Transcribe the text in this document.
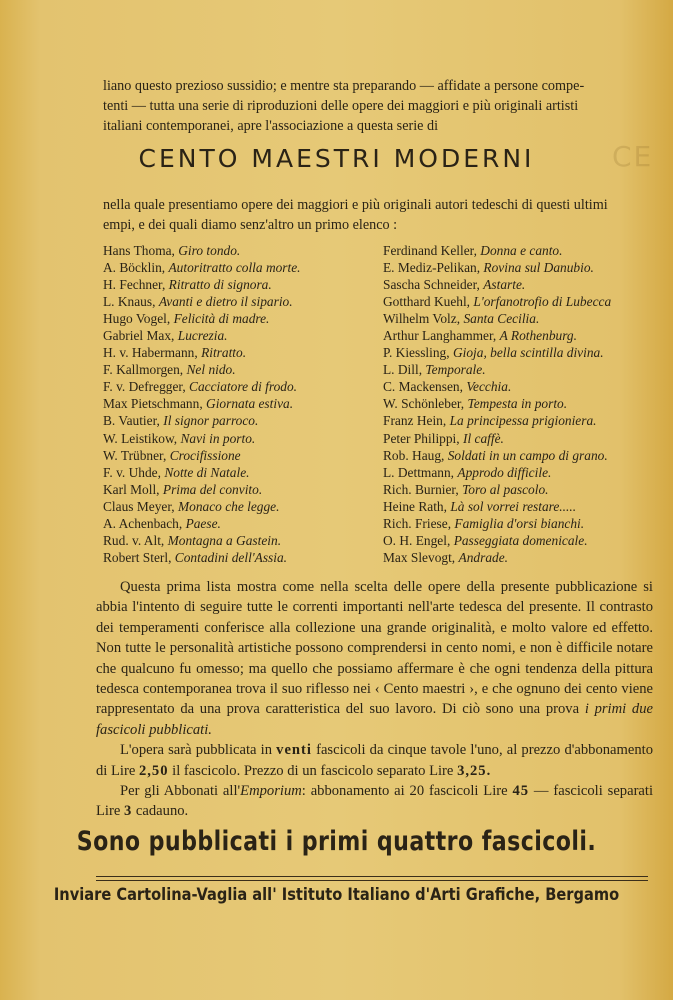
liano questo prezioso sussidio; e mentre sta preparando — affidate a persone compe-

tenti — tutta una serie di riproduzioni delle opere dei maggiori e più originali artisti

italiani contemporanei, apre l'associazione a questa serie di

CENTO MAESTRI MODERNI	CE

nella quale presentiamo opere dei maggiori e più originali autori tedeschi di questi ultimi

empi, e dei quali diamo senz'altro un primo elenco :

Hans Thoma, Giro tondo.
A. Böcklin, Autoritratto colla morte.
H. Fechner, Ritratto di signora.
L. Knaus, Avanti e dietro il sipario.
Hugo Vogel, Felicità di madre.
Gabriel Max, Lucrezia.
H. v. Habermann, Ritratto.
F. Kallmorgen, Nel nido.
F. v. Defregger, Cacciatore di frodo.
Max Pietschmann, Giornata estiva.
B. Vautier, Il signor parroco.
W. Leistikow, Navi in porto.
W. Trübner, Crocifissione
F. v. Uhde, Notte di Natale.
Karl Moll, Prima del convito.
Claus Meyer, Monaco che legge.
A. Achenbach, Paese.
Rud. v. Alt, Montagna a Gastein.
Robert Sterl, Contadini dell'Assia.
Ferdinand Keller, Donna e canto.
E. Mediz-Pelikan, Rovina sul Danubio.
Sascha Schneider, Astarte.
Gotthard Kuehl, L'orfanotrofio di Lubecca
Wilhelm Volz, Santa Cecilia.
Arthur Langhammer, A Rothenburg.
P. Kiessling, Gioja, bella scintilla divina.
L. Dill, Temporale.
C. Mackensen, Vecchia.
W. Schönleber, Tempesta in porto.
Franz Hein, La principessa prigioniera.
Peter Philippi, Il caffè.
Rob. Haug, Soldati in un campo di grano.
L. Dettmann, Approdo difficile.
Rich. Burnier, Toro al pascolo.
Heine Rath, Là sol vorrei restare.....
Rich. Friese, Famiglia d'orsi bianchi.
O. H. Engel, Passeggiata domenicale.
Max Slevogt, Andrade.

Questa prima lista mostra come nella scelta delle opere della presente pubblicazione si abbia l'intento di seguire tutte le correnti importanti nell'arte tedesca del presente. Il contrasto dei temperamenti conferisce alla collezione una grande originalità, e molto valore ed effetto. Non tutte le personalità artistiche possono comprendersi in cento nomi, e non è difficile notare che qualcuno fu omesso; ma quello che possiamo affermare è che ogni tendenza della pittura tedesca contemporanea trova il suo riflesso nei ‹ Cento maestri ›, e che ognuno dei cento viene rappresentato da una prova caratteristica del suo lavoro. Di ciò sono una prova i primi due fascicoli pubblicati.

L'opera sarà pubblicata in venti fascicoli da cinque tavole l'uno, al prezzo d'abbonamento di Lire 2,50 il fascicolo. Prezzo di un fascicolo separato Lire 3,25.

Per gli Abbonati all'Emporium: abbonamento ai 20 fascicoli Lire 45 — fascicoli separati Lire 3 cadauno.

Sono pubblicati i primi quattro fascicoli.
Inviare Cartolina-Vaglia all' Istituto Italiano d'Arti Grafiche, Bergamo
